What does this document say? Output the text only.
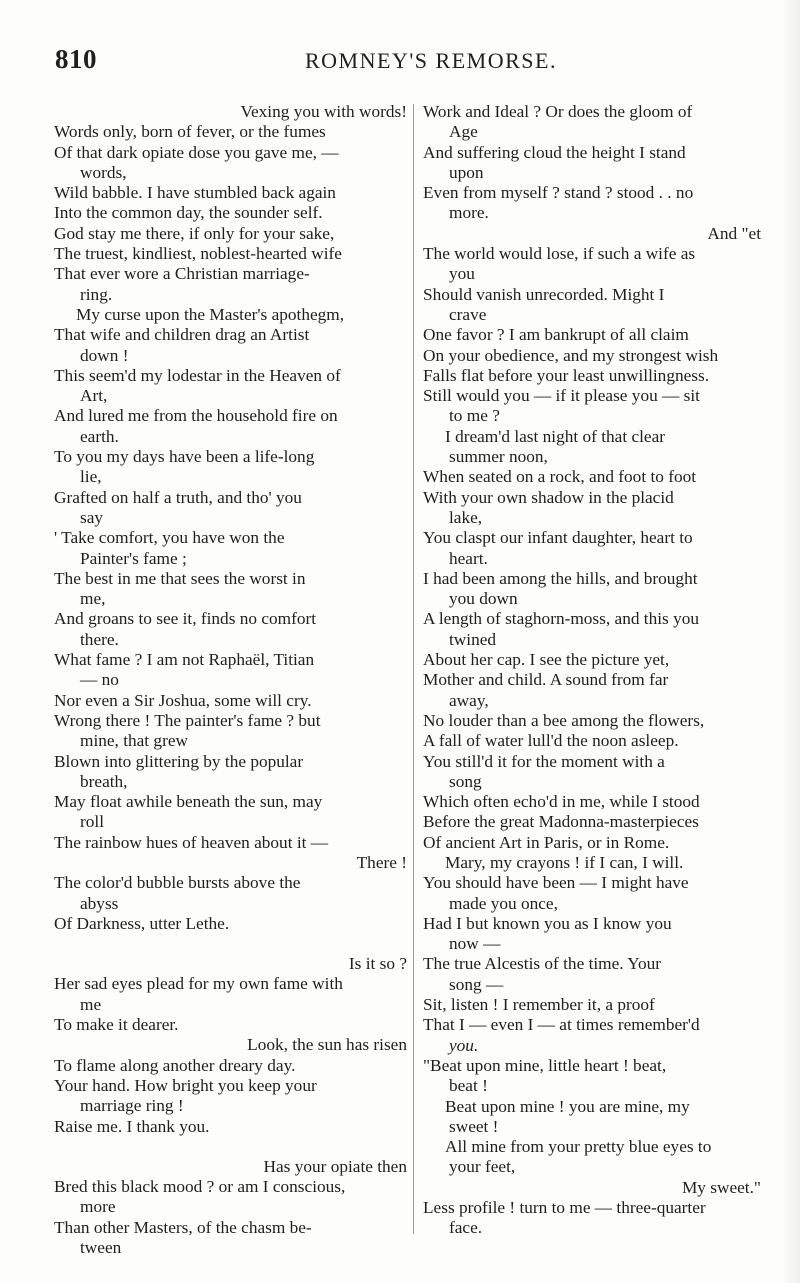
810	ROMNEY'S REMORSE.
Vexing you with words!
Words only, born of fever, or the fumes
Of that dark opiate dose you gave me, —
words,
Wild babble. I have stumbled back again
Into the common day, the sounder self.
God stay me there, if only for your sake,
The truest, kindliest, noblest-hearted wife
That ever wore a Christian marriage-
ring.
My curse upon the Master's apothegm,
That wife and children drag an Artist
down !
This seem'd my lodestar in the Heaven of
Art,
And lured me from the household fire on
earth.
To you my days have been a life-long
lie,
Grafted on half a truth, and tho' you
say
' Take comfort, you have won the
Painter's fame ;
The best in me that sees the worst in
me,
And groans to see it, finds no comfort
there.
What fame ? I am not Raphaël, Titian
— no
Nor even a Sir Joshua, some will cry.
Wrong there ! The painter's fame ? but
mine, that grew
Blown into glittering by the popular
breath,
May float awhile beneath the sun, may
roll
The rainbow hues of heaven about it —
There !
The color'd bubble bursts above the
abyss
Of Darkness, utter Lethe.
Is it so ?
Her sad eyes plead for my own fame with
me
To make it dearer.
Look, the sun has risen
To flame along another dreary day.
Your hand. How bright you keep your
marriage ring !
Raise me. I thank you.
Has your opiate then
Bred this black mood ? or am I conscious,
more
Than other Masters, of the chasm be-
tween
Work and Ideal ? Or does the gloom of
Age
And suffering cloud the height I stand
upon
Even from myself ? stand ? stood . . no
more.
And "et
The world would lose, if such a wife as
you
Should vanish unrecorded. Might I
crave
One favor ? I am bankrupt of all claim
On your obedience, and my strongest wish
Falls flat before your least unwillingness.
Still would you — if it please you — sit
to me ?
I dream'd last night of that clear
summer noon,
When seated on a rock, and foot to foot
With your own shadow in the placid
lake,
You claspt our infant daughter, heart to
heart.
I had been among the hills, and brought
you down
A length of staghorn-moss, and this you
twined
About her cap. I see the picture yet,
Mother and child. A sound from far
away,
No louder than a bee among the flowers,
A fall of water lull'd the noon asleep.
You still'd it for the moment with a
song
Which often echo'd in me, while I stood
Before the great Madonna-masterpieces
Of ancient Art in Paris, or in Rome.
Mary, my crayons ! if I can, I will.
You should have been — I might have
made you once,
Had I but known you as I know you
now —
The true Alcestis of the time. Your
song —
Sit, listen ! I remember it, a proof
That I — even I — at times remember'd
you.
"Beat upon mine, little heart ! beat,
beat !
Beat upon mine ! you are mine, my
sweet !
All mine from your pretty blue eyes to
your feet,
My sweet."
Less profile ! turn to me — three-quarter
face.
